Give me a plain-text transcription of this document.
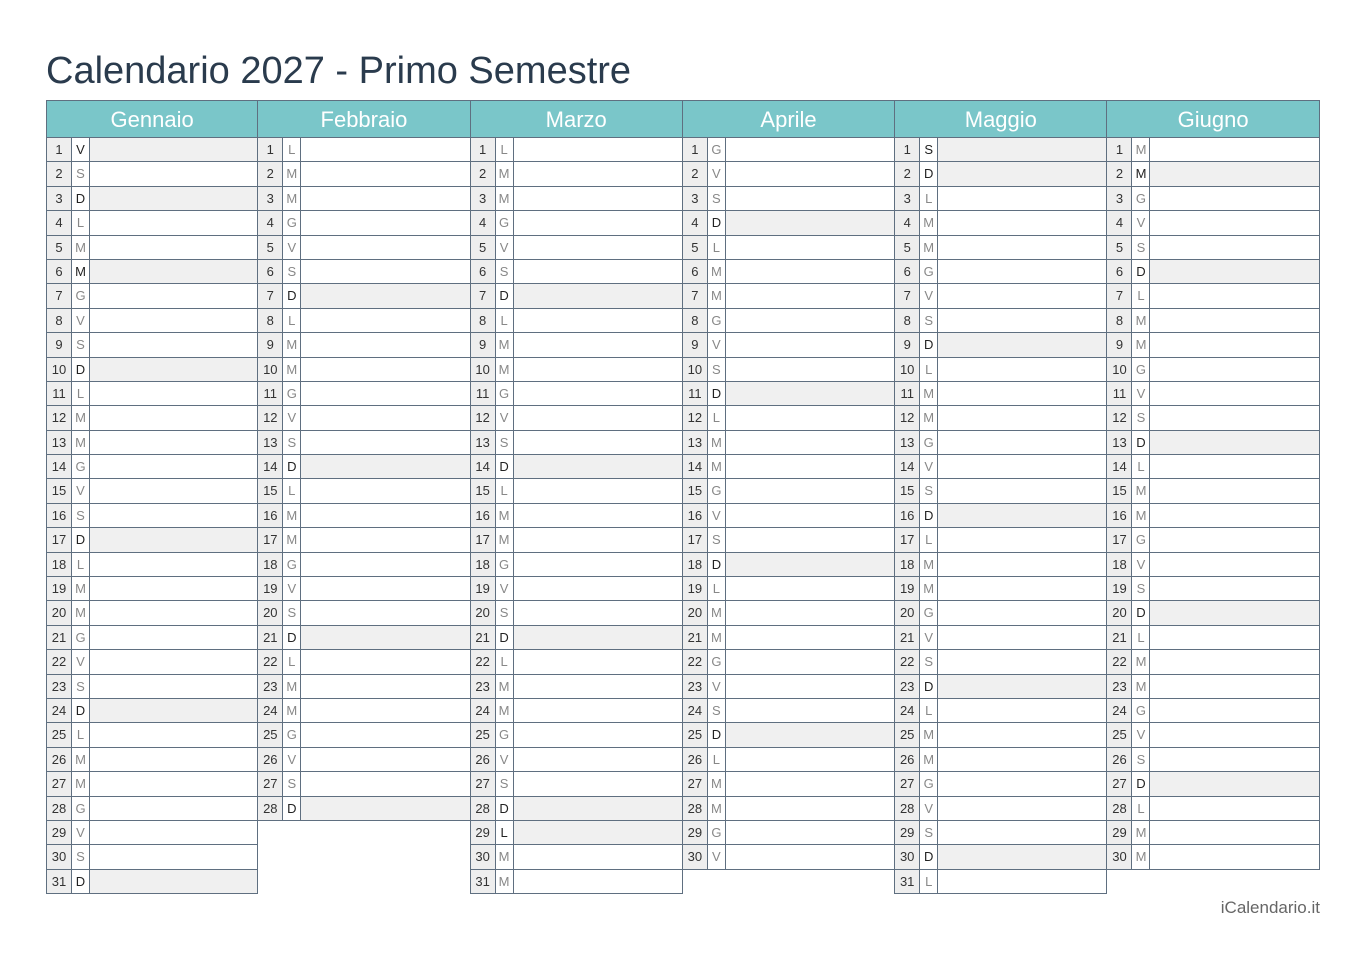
Calendario 2027 - Primo Semestre
Gennaio
1	V
2	S
3	D
4	L
5 M
6 M
7 G
8	V
9	S
10 D
11 L
12 M
13 M
14 G
15 V
16 S
17 D
18 L
19 M
20 M
21 G
22 V
23 S
24 D
25 L
26 M
27 M
28 G
29 V
30 S
31 D
Febbraio
1	L
2 M
3 M
4 G
5	V
6	S
7	D
8	L
9 M
10 M
11 G
12 V
13 S
14 D
15 L
16 M
17 M
18 G
19 V
20 S
21 D
22 L
23 M
24 M
25 G
26 V
27 S
28 D
Marzo
1	L
2 M
3 M
4 G
5	V
6	S
7	D
8	L
9 M
10 M
11 G
12 V
13 S
14 D
15 L
16 M
17 M
18 G
19 V
20 S
21 D
22 L
23 M
24 M
25 G
26 V
27 S
28 D
29 L
30 M
31 M
Aprile
1 G
2	V
3	S
4	D
5	L
6 M
7 M
8 G
9	V
10 S
11 D
12 L
13 M
14 M
15 G
16 V
17 S
18 D
19 L
20 M
21 M
22 G
23 V
24 S
25 D
26 L
27 M
28 M
29 G
30 V
Maggio
1	S
2	D
3	L
4 M
5 M
6 G
7	V
8	S
9	D
10 L
11 M
12 M
13 G
14 V
15 S
16 D
17 L
18 M
19 M
20 G
21 V
22 S
23 D
24 L
25 M
26 M
27 G
28 V
29 S
30 D
31 L
Giugno
1 M
2 M
3 G
4	V
5	S
6	D
7	L
8 M
9 M
10 G
11 V
12 S
13 D
14 L
15 M
16 M
17 G
18 V
19 S
20 D
21 L
22 M
23 M
24 G
25 V
26 S
27 D
28 L
29 M
30 M
iCalendario.it
